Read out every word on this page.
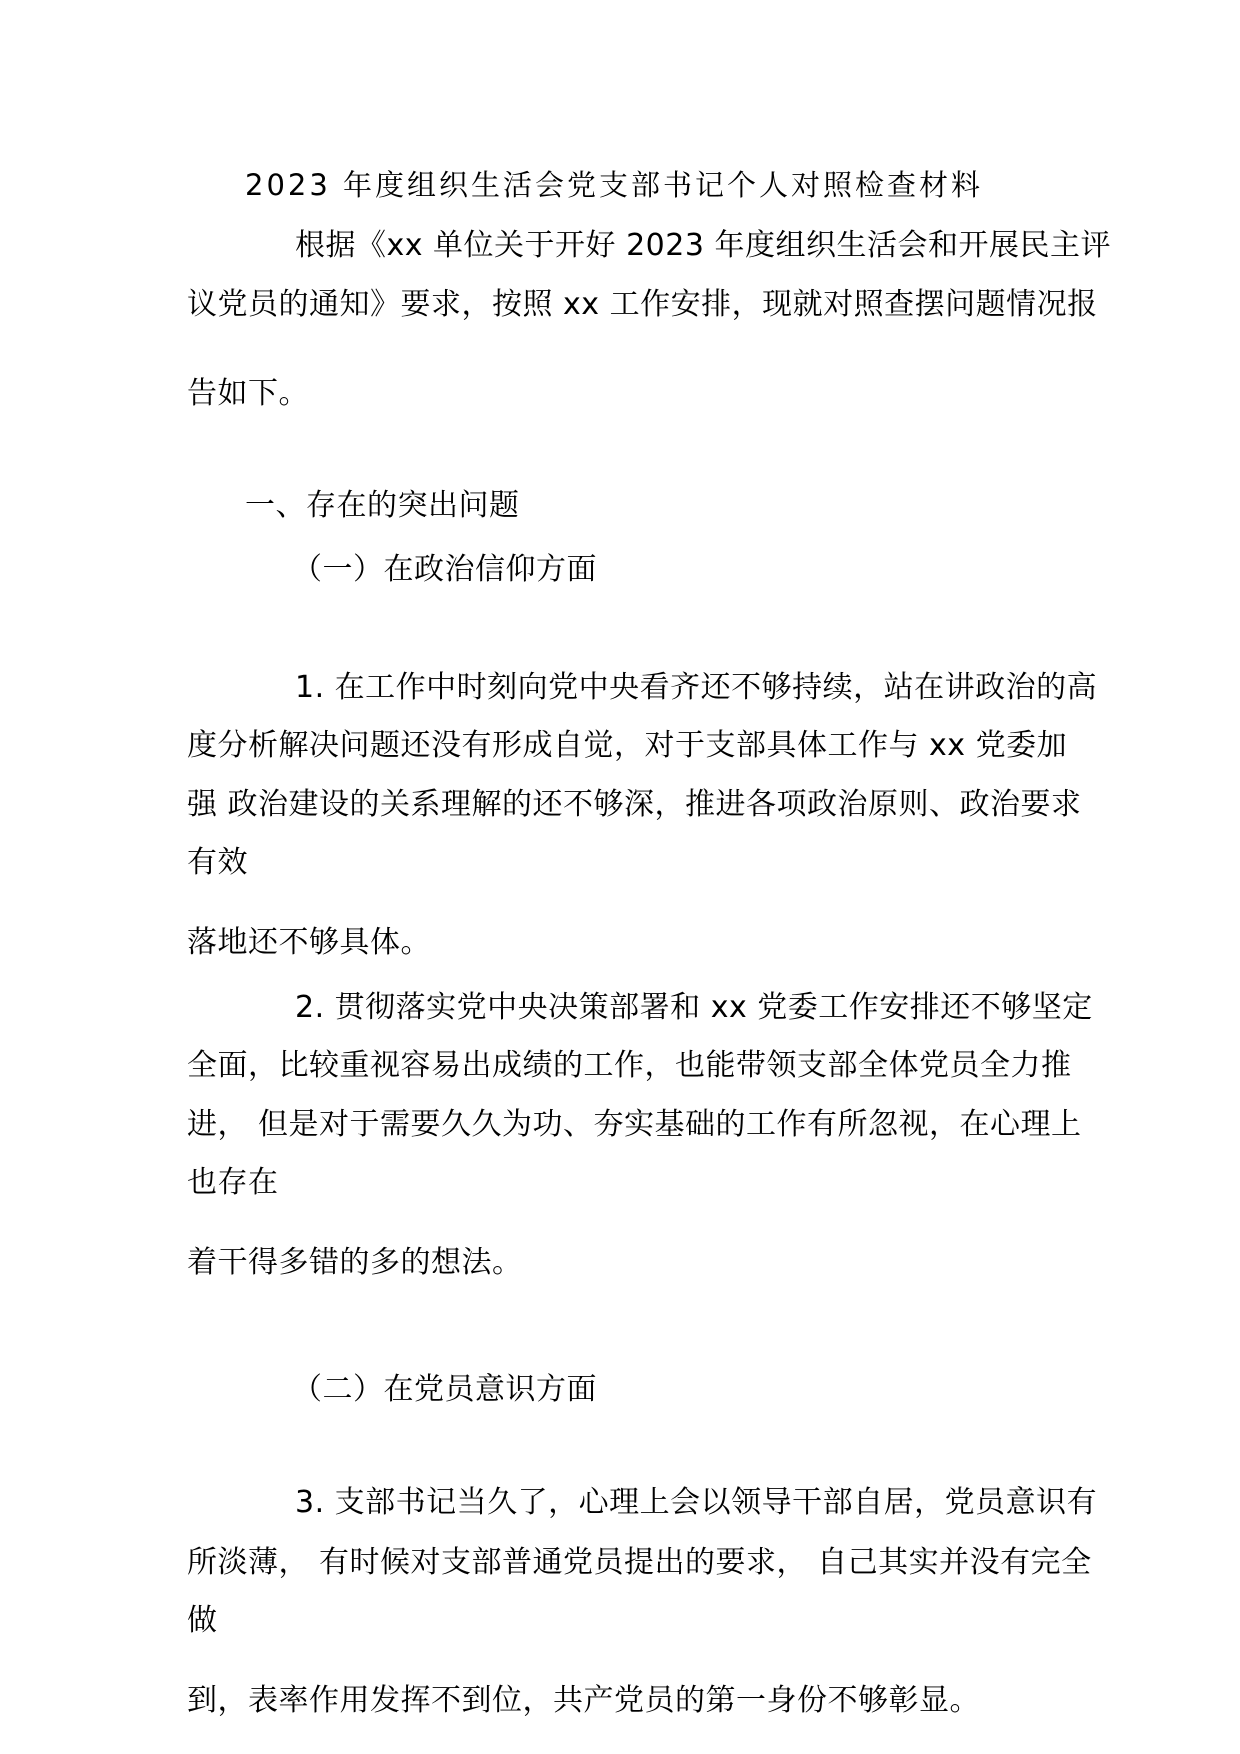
2023 年度组织生活会党支部书记个人对照检查材料
根据《xx 单位关于开好 2023 年度组织生活会和开展民主评
议党员的通知》要求，按照 xx 工作安排，现就对照查摆问题情况报
告如下。
一、存在的突出问题
（一）在政治信仰方面
1. 在工作中时刻向党中央看齐还不够持续，站在讲政治的高
度分析解决问题还没有形成自觉，对于支部具体工作与 xx 党委加
强 政治建设的关系理解的还不够深，推进各项政治原则、政治要求
有效
落地还不够具体。
2. 贯彻落实党中央决策部署和 xx 党委工作安排还不够坚定
全面，比较重视容易出成绩的工作，也能带领支部全体党员全力推
进， 但是对于需要久久为功、夯实基础的工作有所忽视，在心理上
也存在
着干得多错的多的想法。
（二）在党员意识方面
3. 支部书记当久了，心理上会以领导干部自居，党员意识有
所淡薄， 有时候对支部普通党员提出的要求， 自己其实并没有完全
做
到，表率作用发挥不到位，共产党员的第一身份不够彰显。
